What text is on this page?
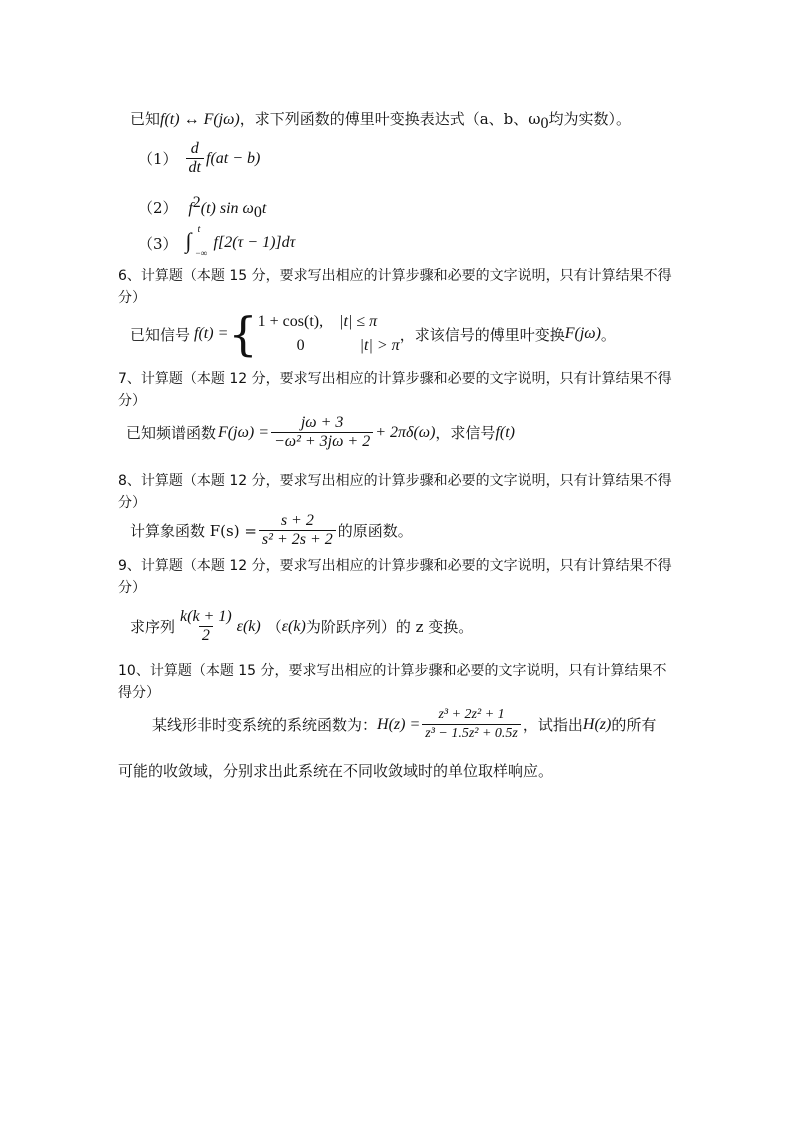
已知f(t) ↔ F(jω)，求下列函数的傅里叶变换表达式（a、b、$\omega_0$均为实数）。
$(1) \frac{d}{dt} f(at - b)$
（2） $f^2(t)$ $\sin \omega_0t$
（3） ∫ t
−∞
f[2(τ − 1)]dτ
6、计算题（本题 15 分，要求写出相应的计算步骤和必要的文字说明，只有计算结果不得分）
已知信号 f(t) = { 1 + cos(t), |t| ≤ π
0	|t| > π
，求该信号的傅里叶变换 F(jω) 。
7、计算题（本题 12 分，要求写出相应的计算步骤和必要的文字说明，只有计算结果不得分）
已知频谱函数 $F(j\omega) = \frac{j\omega + 3}{\text{−ω² + 3jω + 2}} + 2\pi\delta(\omega)$ ，求信号 f(t)
8、计算题（本题 12 分，要求写出相应的计算步骤和必要的文字说明，只有计算结果不得分）
计算象函数 $F(s) = \frac{s + 2}{\text{s² + 2s + 2}}$ 的原函数。
9、计算题（本题 12 分，要求写出相应的计算步骤和必要的文字说明，只有计算结果不得分）
求序列 $\frac{k(k + 1)}{2} \varepsilon(k)$ （ ε(k) 为阶跃序列）的 z 变换。
10、计算题（本题 15 分，要求写出相应的计算步骤和必要的文字说明，只有计算结果不得分）
某线形非时变系统的系统函数为： $H(z) = \frac{\text{z³ + 2z² + 1}}{\text{z³ − 1.5z² + 0.5z}}$ ，试指出 H(z) 的所有
可能的收敛域，分别求出此系统在不同收敛域时的单位取样响应。
